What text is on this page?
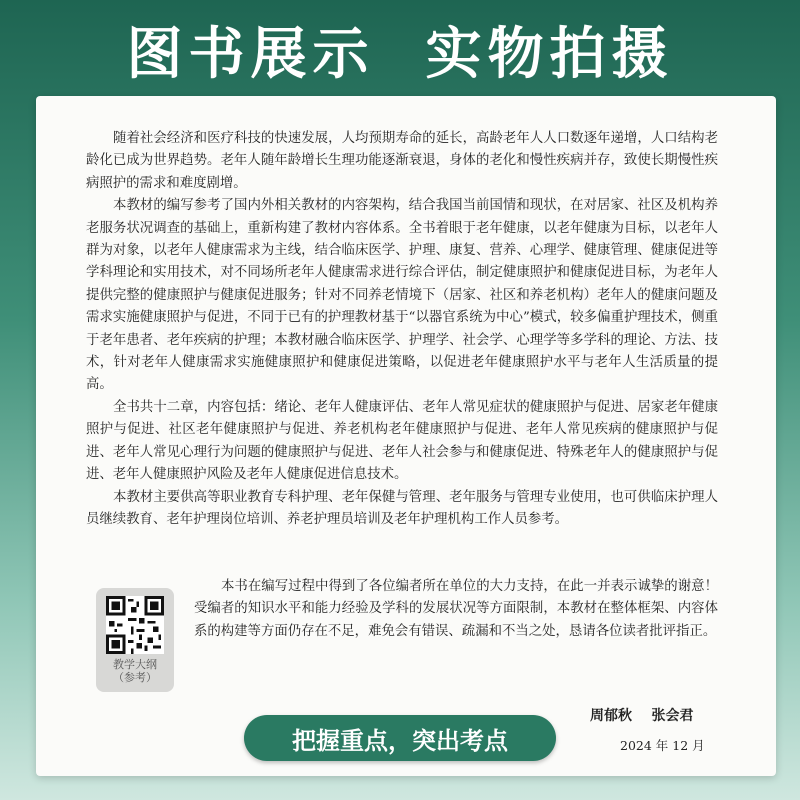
图书展示  实物拍摄

随着社会经济和医疗科技的快速发展，人均预期寿命的延长，高龄老年人人口数逐年递增，人口结构老龄化已成为世界趋势。老年人随年龄增长生理功能逐渐衰退，身体的老化和慢性疾病并存，致使长期慢性疾病照护的需求和难度剧增。

本教材的编写参考了国内外相关教材的内容架构，结合我国当前国情和现状，在对居家、社区及机构养老服务状况调查的基础上，重新构建了教材内容体系。全书着眼于老年健康，以老年健康为目标，以老年人群为对象，以老年人健康需求为主线，结合临床医学、护理、康复、营养、心理学、健康管理、健康促进等学科理论和实用技术，对不同场所老年人健康需求进行综合评估，制定健康照护和健康促进目标，为老年人提供完整的健康照护与健康促进服务；针对不同养老情境下（居家、社区和养老机构）老年人的健康问题及需求实施健康照护与促进，不同于已有的护理教材基于“以器官系统为中心”模式，较多偏重护理技术，侧重于老年患者、老年疾病的护理；本教材融合临床医学、护理学、社会学、心理学等多学科的理论、方法、技术，针对老年人健康需求实施健康照护和健康促进策略，以促进老年健康照护水平与老年人生活质量的提高。

全书共十二章，内容包括：绪论、老年人健康评估、老年人常见症状的健康照护与促进、居家老年健康照护与促进、社区老年健康照护与促进、养老机构老年健康照护与促进、老年人常见疾病的健康照护与促进、老年人常见心理行为问题的健康照护与促进、老年人社会参与和健康促进、特殊老年人的健康照护与促进、老年人健康照护风险及老年人健康促进信息技术。

本教材主要供高等职业教育专科护理、老年保健与管理、老年服务与管理专业使用，也可供临床护理人员继续教育、老年护理岗位培训、养老护理员培训及老年护理机构工作人员参考。

本书在编写过程中得到了各位编者所在单位的大力支持，在此一并表示诚挚的谢意！受编者的知识水平和能力经验及学科的发展状况等方面限制，本教材在整体框架、内容体系的构建等方面仍存在不足，难免会有错误、疏漏和不当之处，恳请各位读者批评指正。

教学大纲
（参考）
周郁秋    张会君
2024 年 12 月
把握重点，突出考点
